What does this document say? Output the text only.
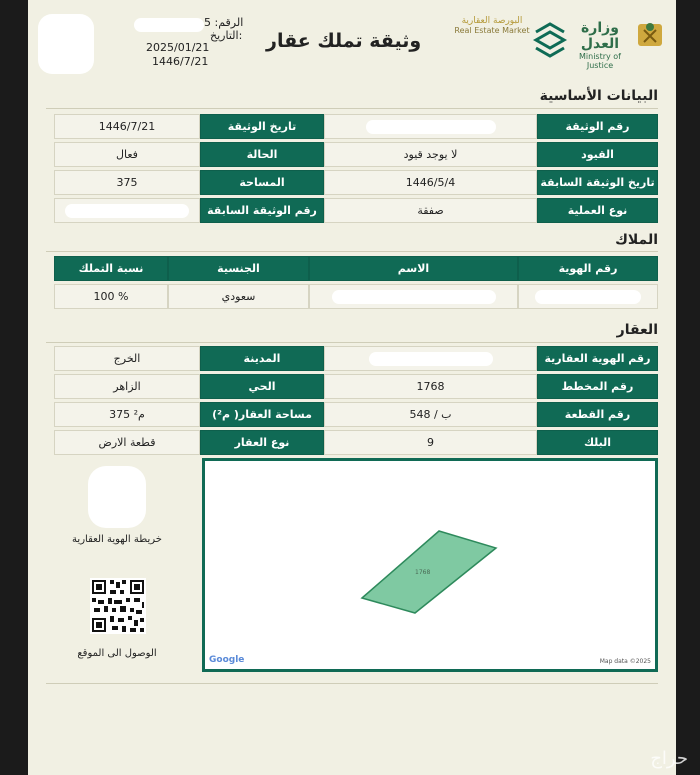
الرقم: 5
التاريخ:
2025/01/21
1446/7/21
وثيقة تملك عقار
البورصة العقارية
Real Estate Market	وزارة العدل
Ministry of Justice
البيانات الأساسية
رقم الوثيقة
تاريخ الوثيقة
1446/7/21
القيود
لا يوجد قيود
الحالة
فعال
تاريخ الوثيقة السابقة
1446/5/4
المساحة
375
نوع العملية
صفقة
رقم الوثيقة السابقة
الملاك
رقم الهوية
الاسم
الجنسية
نسبة التملك
سعودي
100 %
العقار
رقم الهوية العقارية
المدينة
الخرج
رقم المخطط
1768
الحي
الزاهر
رقم القطعة
ب / 548
مساحة العقار( م²)
375 م²
البلك
9
نوع العقار
قطعة الارض
خريطة الهوية العقارية
الوصول الى الموقع
1768
Google	Map data ©2025
حراج
